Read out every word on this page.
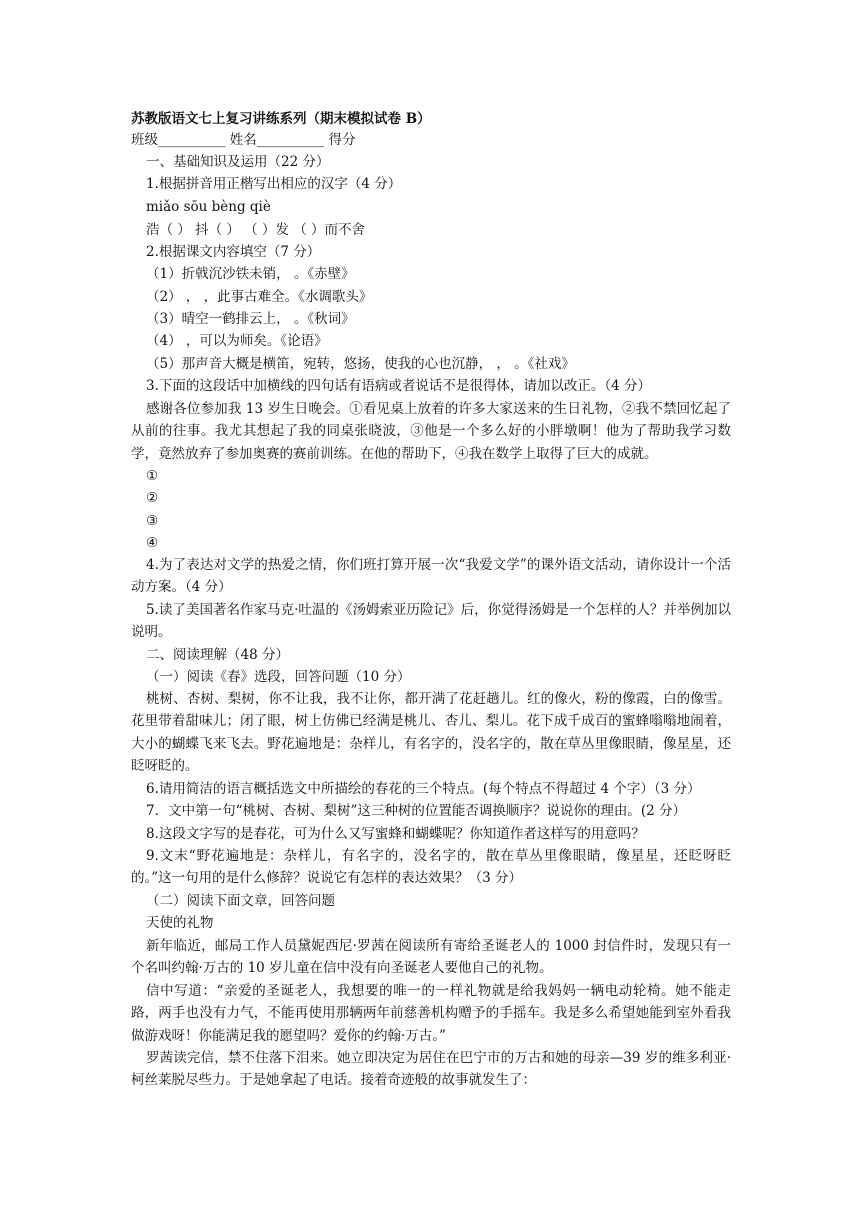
苏教版语文七上复习讲练系列（期末模拟试卷 B）
班级__________ 姓名__________ 得分
一、基础知识及运用（22 分）
1.根据拼音用正楷写出相应的汉字（4 分）
miǎo sōu bèng qiè
浩（ ） 抖（ ） （ ）发 （ ）而不舍
2.根据课文内容填空（7 分）
（1）折戟沉沙铁未销， 。《赤壁》
（2） ， ，此事古难全。《水调歌头》
（3）晴空一鹤排云上， 。《秋词》
（4） ，可以为师矣。《论语》
（5）那声音大概是横笛，宛转，悠扬，使我的心也沉静， ， 。《社戏》
3.下面的这段话中加横线的四句话有语病或者说话不是很得体，请加以改正。（4 分）
感谢各位参加我 13 岁生日晚会。①看见桌上放着的许多大家送来的生日礼物，②我不禁回忆起了从前的往事。我尤其想起了我的同桌张晓波，③他是一个多么好的小胖墩啊！他为了帮助我学习数学，竟然放弃了参加奥赛的赛前训练。在他的帮助下，④我在数学上取得了巨大的成就。
①
②
③
④
4.为了表达对文学的热爱之情，你们班打算开展一次“我爱文学”的课外语文活动，请你设计一个活动方案。（4 分）
5.读了美国著名作家马克·吐温的《汤姆索亚历险记》后，你觉得汤姆是一个怎样的人？并举例加以说明。
二、阅读理解（48 分）
（一）阅读《春》选段，回答问题（10 分）
桃树、杏树、梨树，你不让我，我不让你，都开满了花赶趟儿。红的像火，粉的像霞，白的像雪。花里带着甜味儿；闭了眼，树上仿佛已经满是桃儿、杏儿、梨儿。花下成千成百的蜜蜂嗡嗡地闹着，大小的蝴蝶飞来飞去。野花遍地是：杂样儿，有名字的，没名字的，散在草丛里像眼睛，像星星，还眨呀眨的。
6.请用简洁的语言概括选文中所描绘的春花的三个特点。(每个特点不得超过 4 个字）（3 分）
7．文中第一句“桃树、杏树、梨树”这三种树的位置能否调换顺序？说说你的理由。(2 分）
8.这段文字写的是春花，可为什么又写蜜蜂和蝴蝶呢？你知道作者这样写的用意吗？
9.文末“野花遍地是：杂样儿，有名字的，没名字的，散在草丛里像眼睛，像星星，还眨呀眨的。”这一句用的是什么修辞？说说它有怎样的表达效果？（3 分）
（二）阅读下面文章，回答问题
天使的礼物
新年临近，邮局工作人员黛妮西尼·罗茜在阅读所有寄给圣诞老人的 1000 封信件时，发现只有一个名叫约翰·万古的 10 岁儿童在信中没有向圣诞老人要他自己的礼物。
信中写道：“亲爱的圣诞老人，我想要的唯一的一样礼物就是给我妈妈一辆电动轮椅。她不能走路，两手也没有力气，不能再使用那辆两年前慈善机构赠予的手摇车。我是多么希望她能到室外看我做游戏呀！你能满足我的愿望吗？爱你的约翰·万古。”
罗茜读完信，禁不住落下泪来。她立即决定为居住在巴宁市的万古和她的母亲—39 岁的维多利亚·柯丝莱脱尽些力。于是她拿起了电话。接着奇迹般的故事就发生了：
